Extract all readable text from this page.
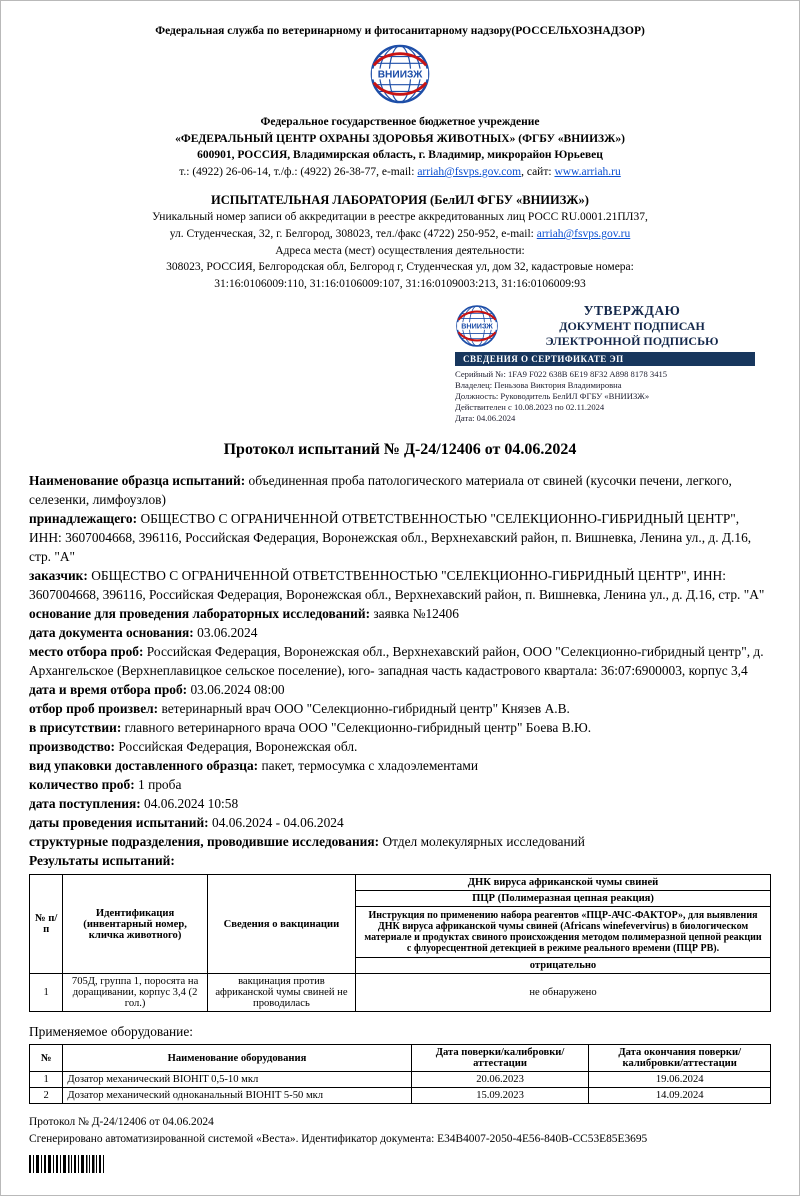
Федеральная служба по ветеринарному и фитосанитарному надзору(РОССЕЛЬХОЗНАДЗОР)
ВНИИЗЖ
Федеральное государственное бюджетное учреждение
«ФЕДЕРАЛЬНЫЙ ЦЕНТР ОХРАНЫ ЗДОРОВЬЯ ЖИВОТНЫХ» (ФГБУ «ВНИИЗЖ»)
600901, РОССИЯ, Владимирская область, г. Владимир, микрорайон Юрьевец
т.: (4922) 26-06-14, т./ф.: (4922) 26-38-77, e-mail: arriah@fsvps.gov.com, сайт: www.arriah.ru
ИСПЫТАТЕЛЬНАЯ ЛАБОРАТОРИЯ (БелИЛ ФГБУ «ВНИИЗЖ»)
Уникальный номер записи об аккредитации в реестре аккредитованных лиц РОСС RU.0001.21ПЛ37,
ул. Студенческая, 32, г. Белгород, 308023, тел./факс (4722) 250-952, e-mail: arriah@fsvps.gov.ru
Адреса места (мест) осуществления деятельности:
308023, РОССИЯ, Белгородская обл, Белгород г, Студенческая ул, дом 32, кадастровые номера:
31:16:0106009:110, 31:16:0106009:107, 31:16:0109003:213, 31:16:0106009:93
ВНИИЗЖ
УТВЕРЖДАЮ
ДОКУМЕНТ ПОДПИСАН
ЭЛЕКТРОННОЙ ПОДПИСЬЮ
СВЕДЕНИЯ О СЕРТИФИКАТЕ ЭП
Серийный №: 1FA9 F022 638B 6E19 8F32 A898 8178 3415
Владелец: Пеньзова Виктория Владимировна
Должность: Руководитель БелИЛ ФГБУ «ВНИИЗЖ»
Действителен с 10.08.2023 по 02.11.2024
Дата: 04.06.2024
Протокол испытаний № Д-24/12406 от 04.06.2024

Наименование образца испытаний: объединенная проба патологического материала от свиней (кусочки печени, легкого, селезенки, лимфоузлов)

принадлежащего: ОБЩЕСТВО С ОГРАНИЧЕННОЙ ОТВЕТСТВЕННОСТЬЮ "СЕЛЕКЦИОННО-ГИБРИДНЫЙ ЦЕНТР", ИНН: 3607004668, 396116, Российская Федерация, Воронежская обл., Верхнехавский район, п. Вишневка, Ленина ул., д. Д.16, стр. "А"

заказчик: ОБЩЕСТВО С ОГРАНИЧЕННОЙ ОТВЕТСТВЕННОСТЬЮ "СЕЛЕКЦИОННО-ГИБРИДНЫЙ ЦЕНТР", ИНН: 3607004668, 396116, Российская Федерация, Воронежская обл., Верхнехавский район, п. Вишневка, Ленина ул., д. Д.16, стр. "А"

основание для проведения лабораторных исследований: заявка №12406

дата документа основания: 03.06.2024

место отбора проб: Российская Федерация, Воронежская обл., Верхнехавский район, ООО "Селекционно-гибридный центр", д. Архангельское (Верхнеплавицкое сельское поселение), юго- западная часть кадастрового квартала: 36:07:6900003, корпус 3,4

дата и время отбора проб: 03.06.2024 08:00

отбор проб произвел: ветеринарный врач ООО "Селекционно-гибридный центр" Князев А.В.

в присутствии: главного ветеринарного врача ООО "Селекционно-гибридный центр" Боева В.Ю.

производство: Российская Федерация, Воронежская обл.

вид упаковки доставленного образца: пакет, термосумка с хладоэлементами

количество проб: 1 проба

дата поступления: 04.06.2024 10:58

даты проведения испытаний: 04.06.2024 - 04.06.2024

структурные подразделения, проводившие исследования: Отдел молекулярных исследований

Результаты испытаний:

№ п/п	Идентификация (инвентарный номер, кличка животного)	Сведения о вакцинации	ДНК вируса африканской чумы свиней
			ПЦР (Полимеразная цепная реакция)
			Инструкция по применению набора реагентов «ПЦР-АЧС-ФАКТОР», для выявления ДНК вируса африканской чумы свиней (Africans winefevervirus) в биологическом материале и продуктах свиного происхождения методом полимеразной цепной реакции с флуоресцентной детекцией в режиме реального времени (ПЦР РВ).
			отрицательно
1	705Д, группа 1, поросята на доращивании, корпус 3,4 (2 гол.)	вакцинация против африканской чумы свиней не проводилась	не обнаружено
Применяемое оборудование:
№	Наименование оборудования	Дата поверки/калибровки/аттестации	Дата окончания поверки/калибровки/аттестации
1	Дозатор механический BIOHIT 0,5-10 мкл	20.06.2023	19.06.2024
2	Дозатор механический одноканальный BIOHIT 5-50 мкл	15.09.2023	14.09.2024
Протокол № Д-24/12406 от 04.06.2024
Сгенерировано автоматизированной системой «Веста». Идентификатор документа: E34B4007-2050-4E56-840B-CC53E85E3695
